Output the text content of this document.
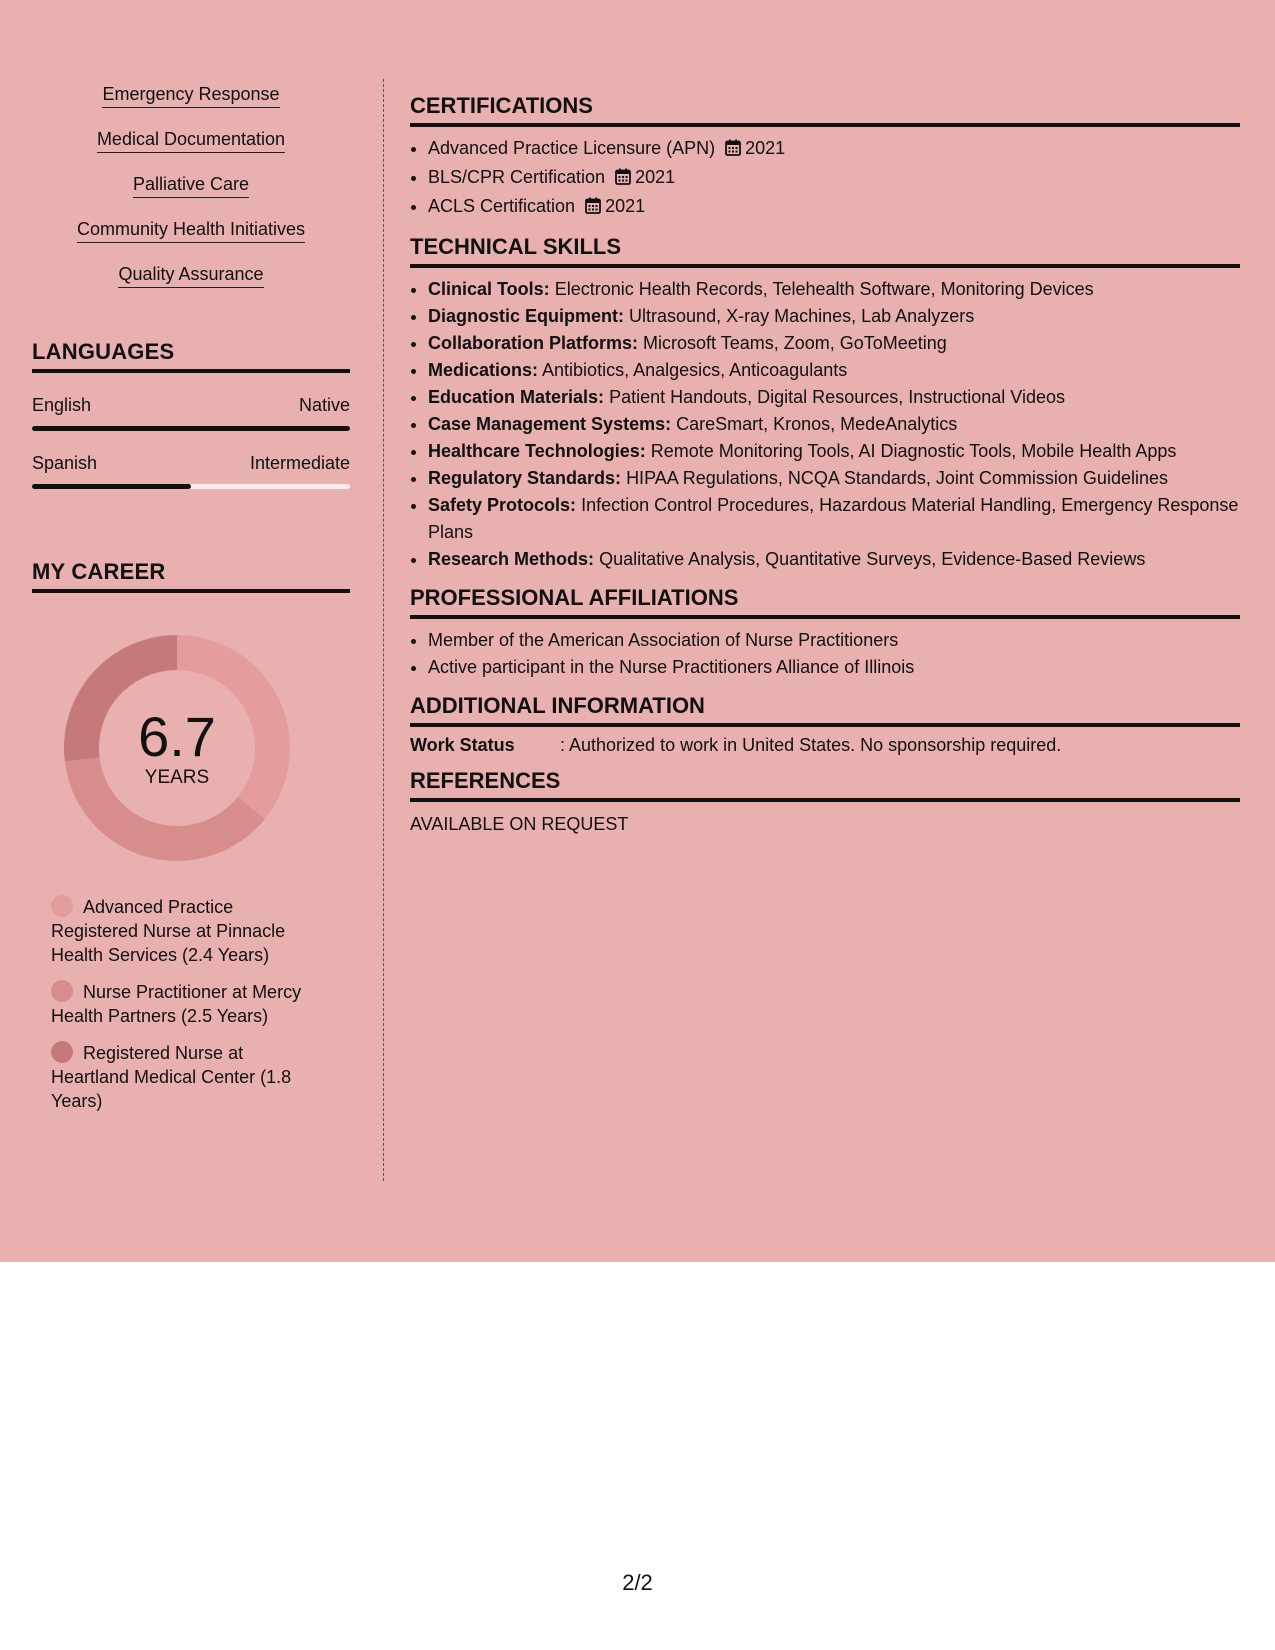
Emergency Response
Medical Documentation
Palliative Care
Community Health Initiatives
Quality Assurance
LANGUAGES
English	Native
Spanish	Intermediate
MY CAREER
6.7
YEARS
Advanced Practice Registered Nurse at Pinnacle Health Services (2.4 Years)
Nurse Practitioner at Mercy Health Partners (2.5 Years)
Registered Nurse at Heartland Medical Center (1.8 Years)
CERTIFICATIONS
• Advanced Practice Licensure (APN) 2021
• BLS/CPR Certification 2021
• ACLS Certification 2021
TECHNICAL SKILLS
• Clinical Tools: Electronic Health Records, Telehealth Software, Monitoring Devices
• Diagnostic Equipment: Ultrasound, X-ray Machines, Lab Analyzers
• Collaboration Platforms: Microsoft Teams, Zoom, GoToMeeting
• Medications: Antibiotics, Analgesics, Anticoagulants
• Education Materials: Patient Handouts, Digital Resources, Instructional Videos
• Case Management Systems: CareSmart, Kronos, MedeAnalytics
• Healthcare Technologies: Remote Monitoring Tools, AI Diagnostic Tools, Mobile Health Apps
• Regulatory Standards: HIPAA Regulations, NCQA Standards, Joint Commission Guidelines
• Safety Protocols: Infection Control Procedures, Hazardous Material Handling, Emergency Response Plans
• Research Methods: Qualitative Analysis, Quantitative Surveys, Evidence-Based Reviews
PROFESSIONAL AFFILIATIONS
• Member of the American Association of Nurse Practitioners
• Active participant in the Nurse Practitioners Alliance of Illinois
ADDITIONAL INFORMATION
Work Status	: Authorized to work in United States. No sponsorship required.
REFERENCES
AVAILABLE ON REQUEST
2/2
